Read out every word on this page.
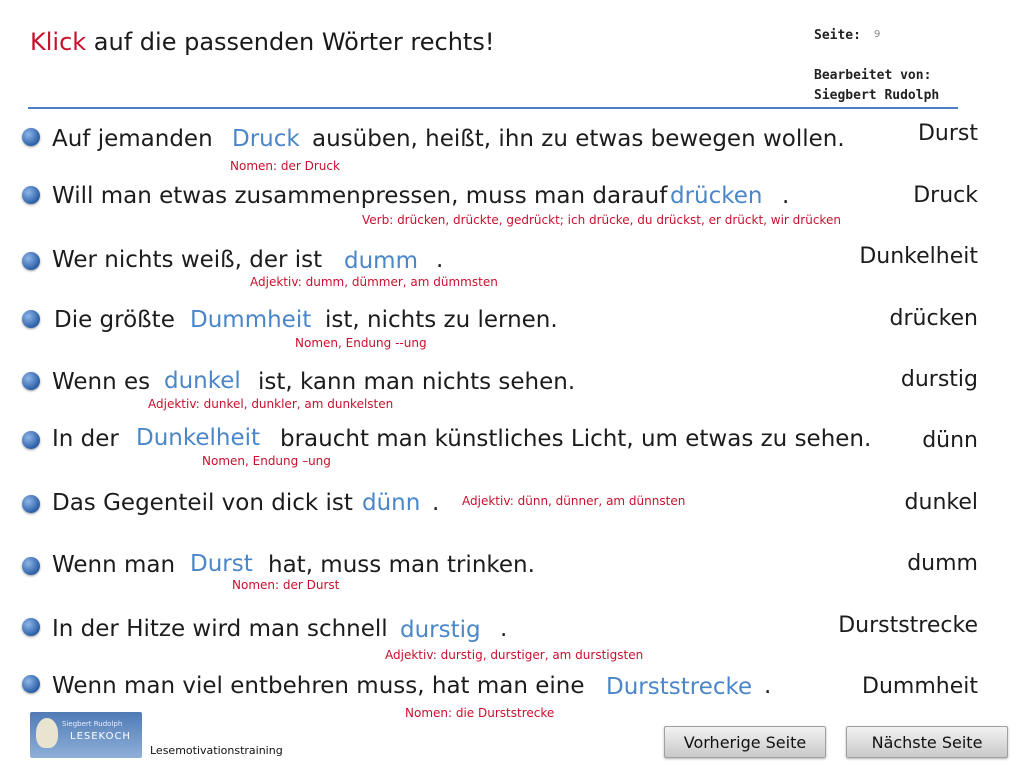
Klick auf die passenden Wörter rechts!	Seite: 9
Bearbeitet von:
Siegbert Rudolph
Auf jemanden Druck ausüben, heißt, ihn zu etwas bewegen wollen.
Nomen: der Druck
Will man etwas zusammenpressen, muss man darauf drücken .
Verb: drücken, drückte, gedrückt; ich drücke, du drückst, er drückt, wir drücken
Wer nichts weiß, der ist dumm .
Adjektiv: dumm, dümmer, am dümmsten
Die größte Dummheit ist, nichts zu lernen.
Nomen, Endung --ung
Wenn es dunkel ist, kann man nichts sehen.
Adjektiv: dunkel, dunkler, am dunkelsten
In der Dunkelheit braucht man künstliches Licht, um etwas zu sehen.
Nomen, Endung –ung
Das Gegenteil von dick ist dünn . Adjektiv: dünn, dünner, am dünnsten
Wenn man Durst hat, muss man trinken.
Nomen: der Durst
In der Hitze wird man schnell durstig .
Adjektiv: durstig, durstiger, am durstigsten
Wenn man viel entbehren muss, hat man eine Durststrecke .
Nomen: die Durststrecke
Durst
Druck
Dunkelheit
drücken
durstig
dünn
dunkel
dumm
Durststrecke
Dummheit
Siegbert Rudolph
LESEKOCH
Lesemotivationstraining	Vorherige Seite	Nächste Seite
